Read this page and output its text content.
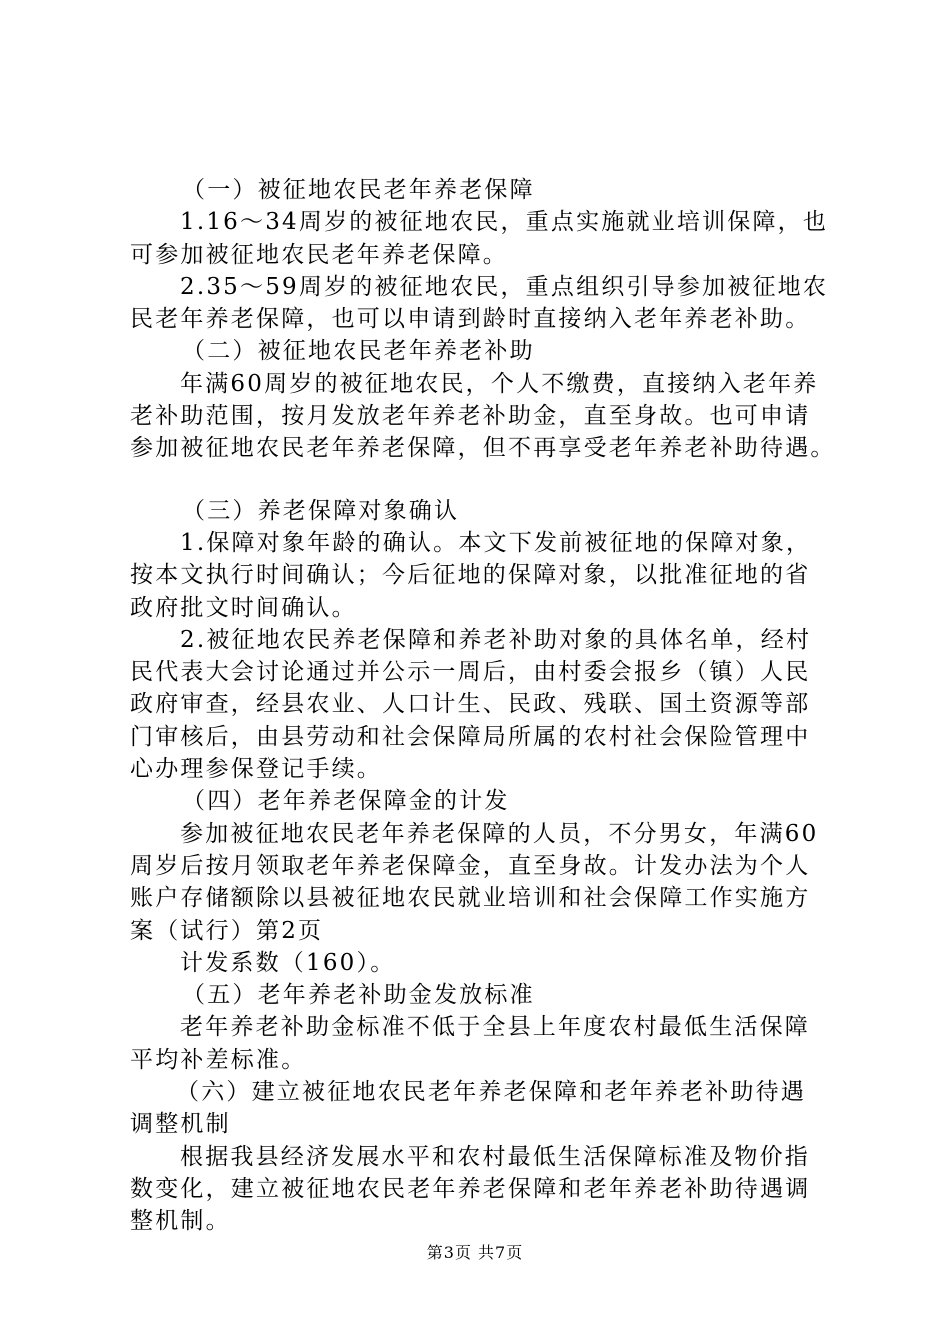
（一）被征地农民老年养老保障
1.16～34周岁的被征地农民，重点实施就业培训保障，也
可参加被征地农民老年养老保障。
2.35～59周岁的被征地农民，重点组织引导参加被征地农
民老年养老保障，也可以申请到龄时直接纳入老年养老补助。
（二）被征地农民老年养老补助
年满60周岁的被征地农民，个人不缴费，直接纳入老年养
老补助范围，按月发放老年养老补助金，直至身故。也可申请
参加被征地农民老年养老保障，但不再享受老年养老补助待遇。
（三）养老保障对象确认
1.保障对象年龄的确认。本文下发前被征地的保障对象，
按本文执行时间确认；今后征地的保障对象，以批准征地的省
政府批文时间确认。
2.被征地农民养老保障和养老补助对象的具体名单，经村
民代表大会讨论通过并公示一周后，由村委会报乡（镇）人民
政府审查，经县农业、人口计生、民政、残联、国土资源等部
门审核后，由县劳动和社会保障局所属的农村社会保险管理中
心办理参保登记手续。
（四）老年养老保障金的计发
参加被征地农民老年养老保障的人员，不分男女，年满60
周岁后按月领取老年养老保障金，直至身故。计发办法为个人
账户存储额除以县被征地农民就业培训和社会保障工作实施方
案（试行）第2页
计发系数（160）。
（五）老年养老补助金发放标准
老年养老补助金标准不低于全县上年度农村最低生活保障
平均补差标准。
（六）建立被征地农民老年养老保障和老年养老补助待遇
调整机制
根据我县经济发展水平和农村最低生活保障标准及物价指
数变化，建立被征地农民老年养老保障和老年养老补助待遇调
整机制。
第3页 共7页
